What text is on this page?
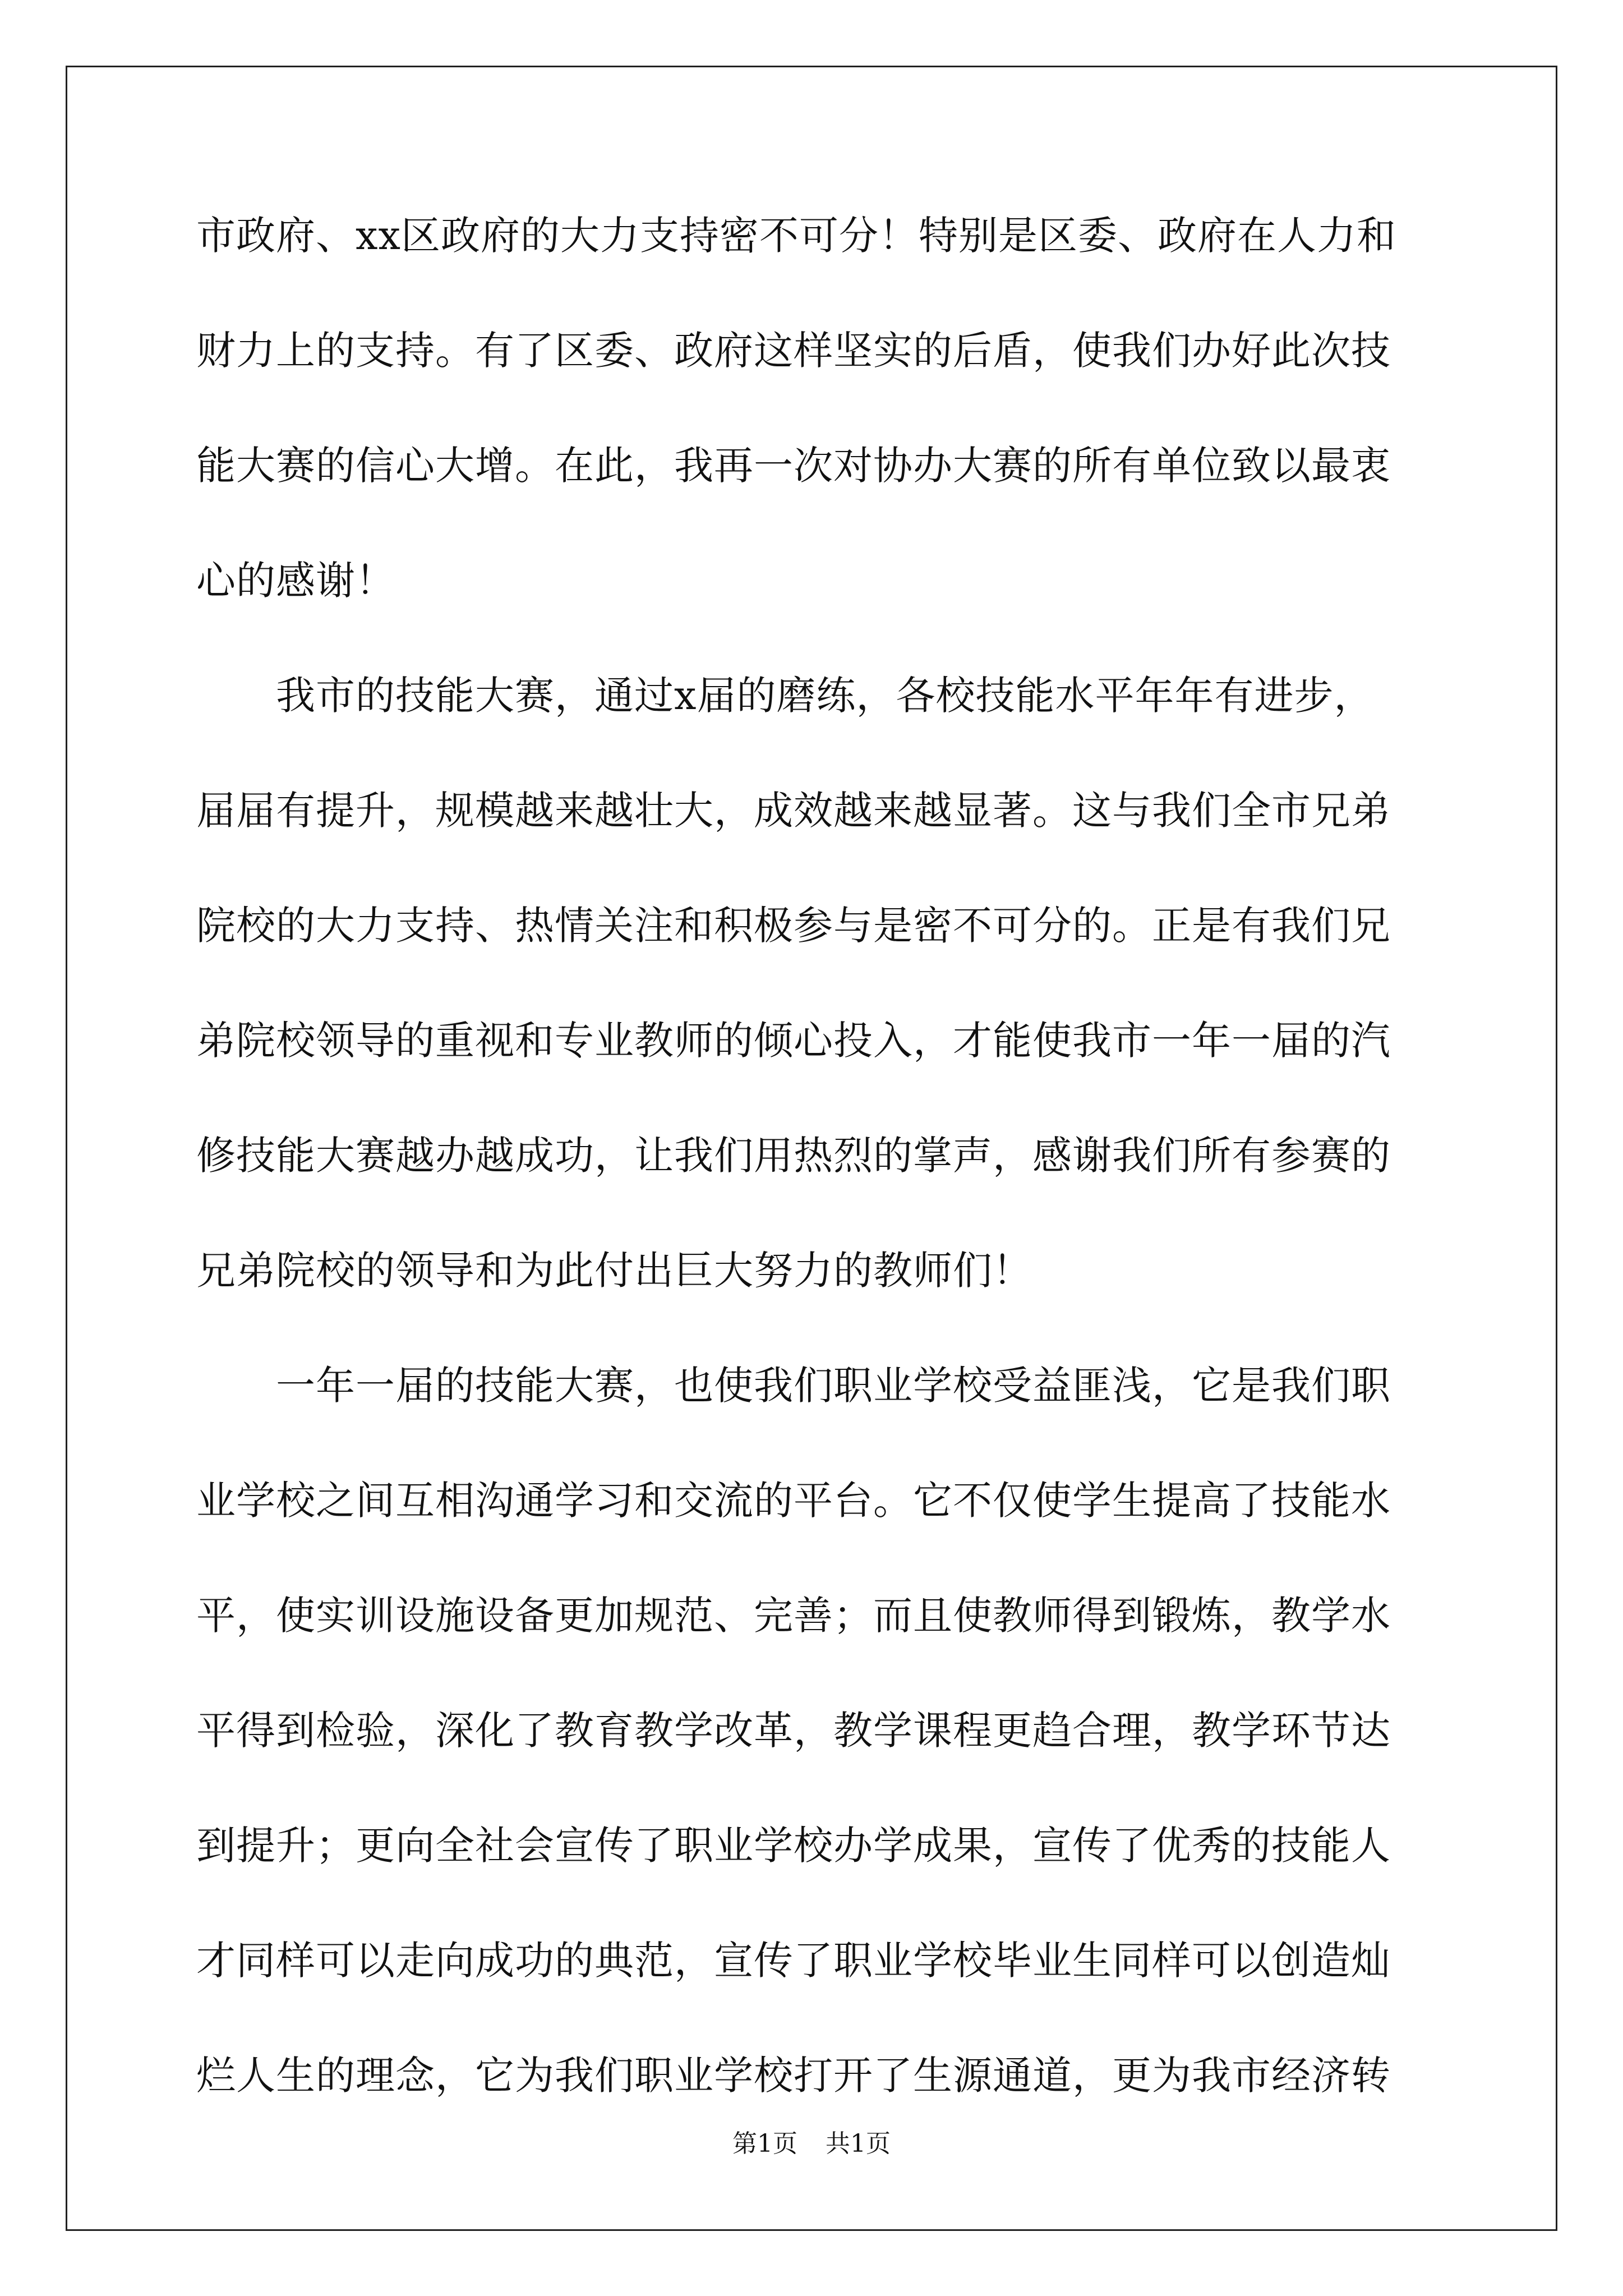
市政府、xx区政府的大力支持密不可分！特别是区委、政府在人力和
财力上的支持。有了区委、政府这样坚实的后盾，使我们办好此次技
能大赛的信心大增。在此，我再一次对协办大赛的所有单位致以最衷
心的感谢！
　　我市的技能大赛，通过x届的磨练，各校技能水平年年有进步，
届届有提升，规模越来越壮大，成效越来越显著。这与我们全市兄弟
院校的大力支持、热情关注和积极参与是密不可分的。正是有我们兄
弟院校领导的重视和专业教师的倾心投入，才能使我市一年一届的汽
修技能大赛越办越成功，让我们用热烈的掌声，感谢我们所有参赛的
兄弟院校的领导和为此付出巨大努力的教师们！
　　一年一届的技能大赛，也使我们职业学校受益匪浅，它是我们职
业学校之间互相沟通学习和交流的平台。它不仅使学生提高了技能水
平，使实训设施设备更加规范、完善；而且使教师得到锻炼，教学水
平得到检验，深化了教育教学改革，教学课程更趋合理，教学环节达
到提升；更向全社会宣传了职业学校办学成果，宣传了优秀的技能人
才同样可以走向成功的典范，宣传了职业学校毕业生同样可以创造灿
烂人生的理念，它为我们职业学校打开了生源通道，更为我市经济转
第1页 共1页
